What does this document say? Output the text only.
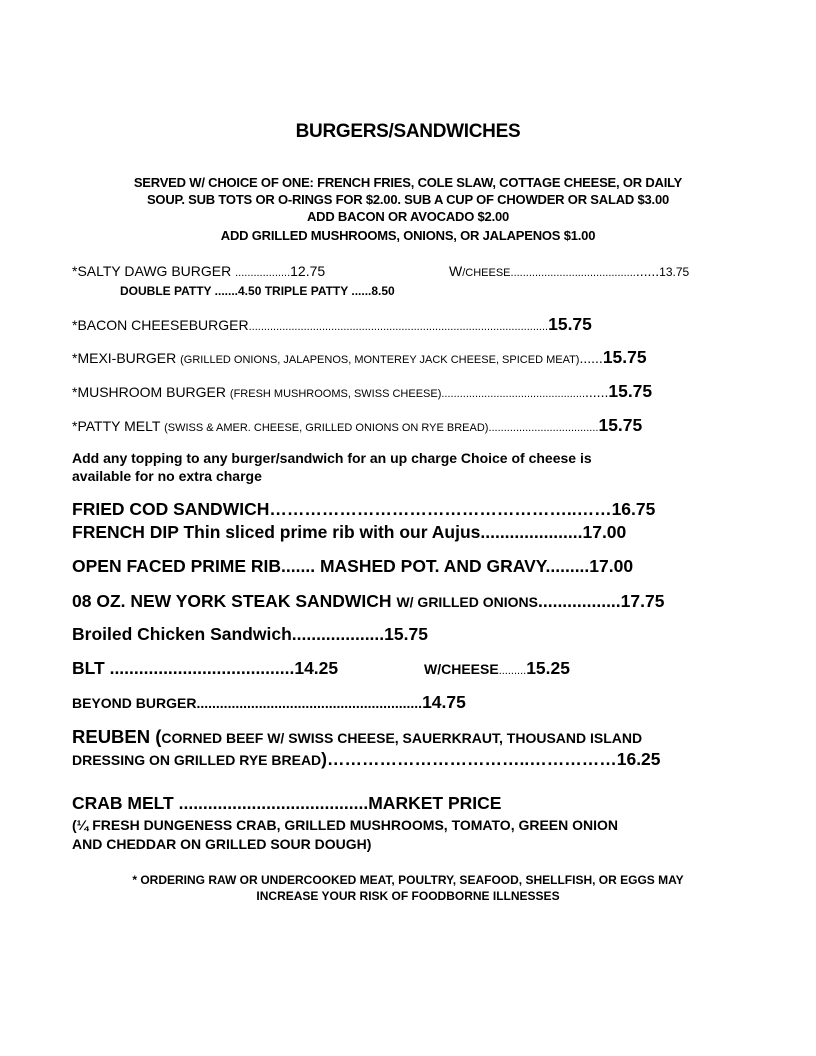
BURGERS/SANDWICHES
SERVED W/ CHOICE OF ONE: FRENCH FRIES, COLE SLAW, COTTAGE CHEESE, OR DAILY
SOUP. SUB TOTS OR O-RINGS FOR $2.00. SUB A CUP OF CHOWDER OR SALAD $3.00
ADD BACON OR AVOCADO $2.00
ADD GRILLED MUSHROOMS, ONIONS, OR JALAPENOS $1.00
*SALTY DAWG BURGER ..................12.75	W/CHEESE...............................................13.75
DOUBLE PATTY .......4.50 TRIPLE PATTY ......8.50
*BACON CHEESEBURGER..................................................................................................15.75
*MEXI-BURGER (GRILLED ONIONS, JALAPENOS, MONTEREY JACK CHEESE, SPICED MEAT)......15.75
*MUSHROOM BURGER (FRESH MUSHROOMS, SWISS CHEESE).....................................................15.75
*PATTY MELT (SWISS & AMER. CHEESE, GRILLED ONIONS ON RYE BREAD)....................................15.75
Add any topping to any burger/sandwich for an up charge Choice of cheese is
available for no extra charge
FRIED COD SANDWICH……………………………………………..……16.75
FRENCH DIP Thin sliced prime rib with our Aujus.....................17.00
OPEN FACED PRIME RIB....... MASHED POT. AND GRAVY.........17.00
08 OZ. NEW YORK STEAK SANDWICH W/ GRILLED ONIONS.................17.75
Broiled Chicken Sandwich...................15.75
BLT ......................................14.25	W/CHEESE.........15.25
BEYOND BURGER..........................................................14.75
REUBEN (CORNED BEEF W/ SWISS CHEESE, SAUERKRAUT, THOUSAND ISLAND
DRESSING ON GRILLED RYE BREAD)……………………………..……………16.25
CRAB MELT .......................................MARKET PRICE
(¼ FRESH DUNGENESS CRAB, GRILLED MUSHROOMS, TOMATO, GREEN ONION
AND CHEDDAR ON GRILLED SOUR DOUGH)
* ORDERING RAW OR UNDERCOOKED MEAT, POULTRY, SEAFOOD, SHELLFISH, OR EGGS MAY
INCREASE YOUR RISK OF FOODBORNE ILLNESSES
